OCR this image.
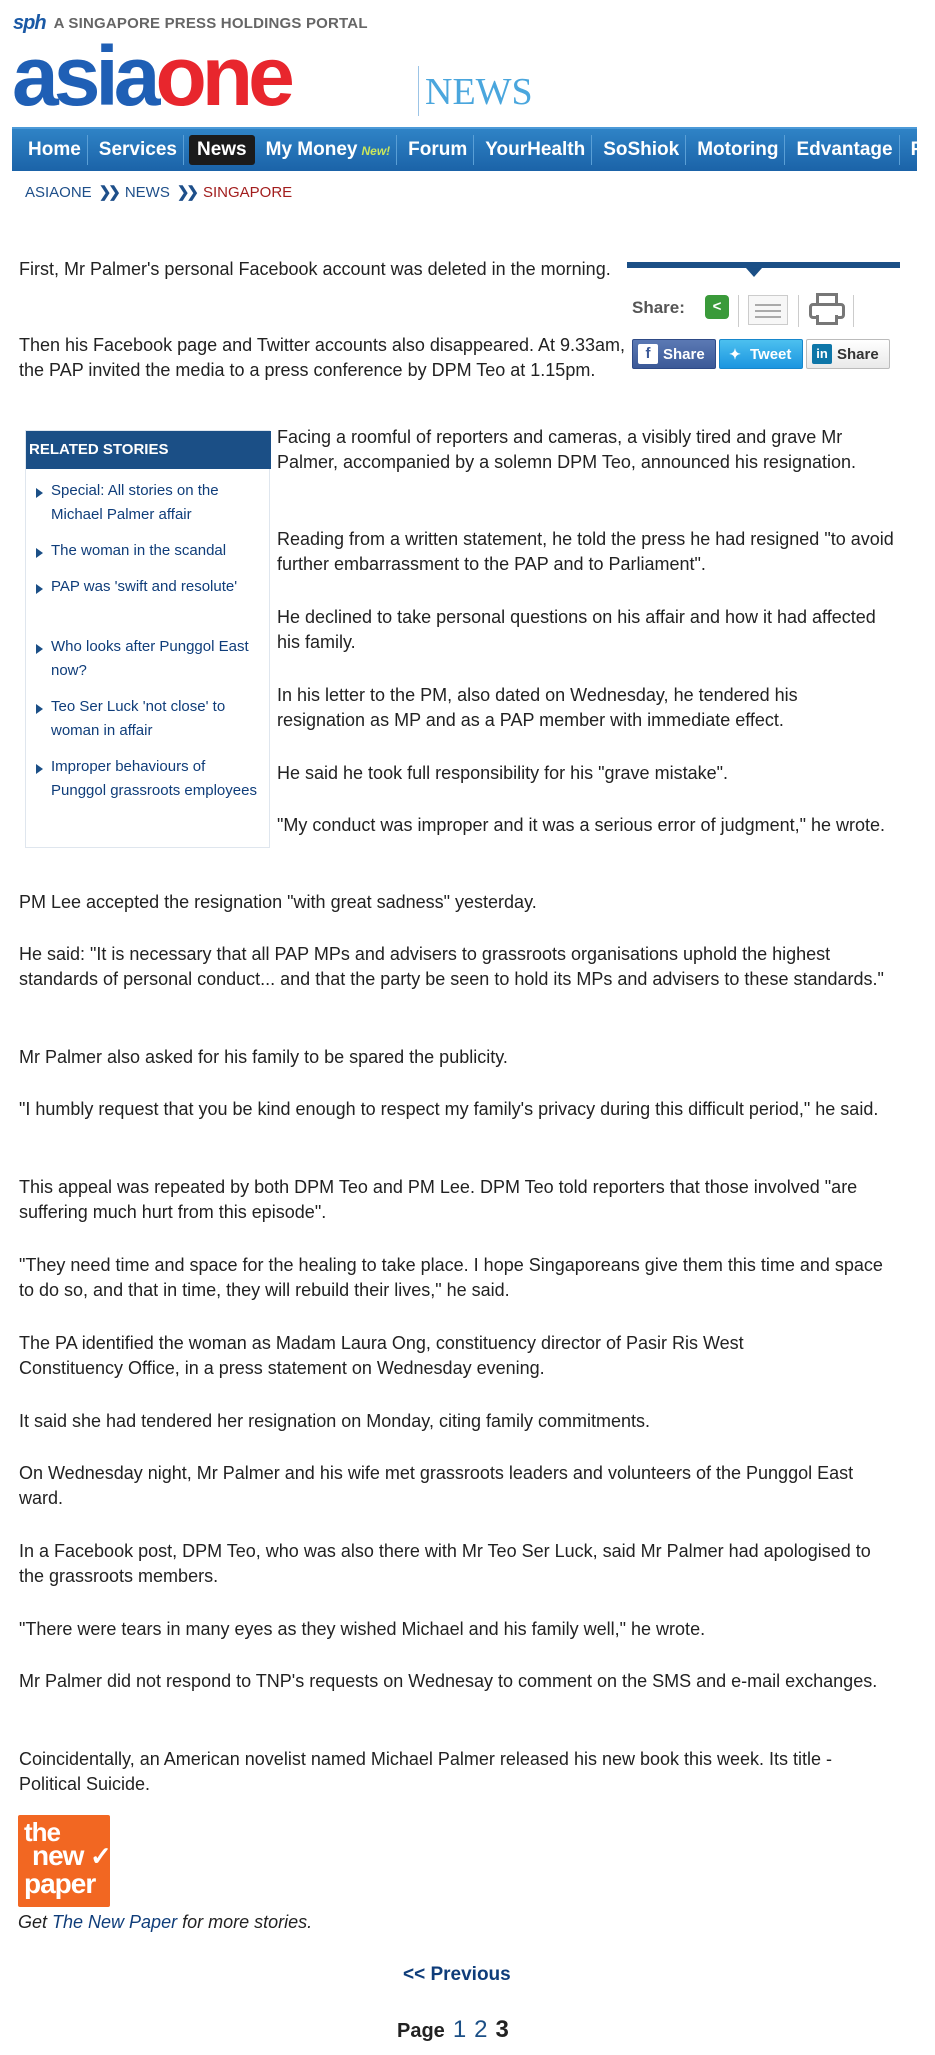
sph A SINGAPORE PRESS HOLDINGS PORTAL
asiaone	NEWS
Home Services News My Money New! Forum YourHealth SoShiok Motoring Edvantage Pl
ASIAONE ❯❯ NEWS ❯❯ SINGAPORE
First, Mr Palmer's personal Facebook account was deleted in the morning.
Then his Facebook page and Twitter accounts also disappeared. At 9.33am, the PAP invited the media to a press conference by DPM Teo at 1.15pm.
Share:	<
f Share ✦ Tweet	in Share
RELATED STORIES
Special: All stories on the Michael Palmer affair
The woman in the scandal
PAP was 'swift and resolute'
Who looks after Punggol East now?
Teo Ser Luck 'not close' to woman in affair
Improper behaviours of Punggol grassroots employees
Facing a roomful of reporters and cameras, a visibly tired and grave Mr Palmer, accompanied by a solemn DPM Teo, announced his resignation.
Reading from a written statement, he told the press he had resigned "to avoid further embarrassment to the PAP and to Parliament".
He declined to take personal questions on his affair and how it had affected his family.
In his letter to the PM, also dated on Wednesday, he tendered his resignation as MP and as a PAP member with immediate effect.
He said he took full responsibility for his "grave mistake".
"My conduct was improper and it was a serious error of judgment," he wrote.
PM Lee accepted the resignation "with great sadness" yesterday.
He said: "It is necessary that all PAP MPs and advisers to grassroots organisations uphold the highest standards of personal conduct... and that the party be seen to hold its MPs and advisers to these standards."
Mr Palmer also asked for his family to be spared the publicity.
"I humbly request that you be kind enough to respect my family's privacy during this difficult period," he said.
This appeal was repeated by both DPM Teo and PM Lee. DPM Teo told reporters that those involved "are suffering much hurt from this episode".
"They need time and space for the healing to take place. I hope Singaporeans give them this time and space to do so, and that in time, they will rebuild their lives," he said.
The PA identified the woman as Madam Laura Ong, constituency director of Pasir Ris West Constituency Office, in a press statement on Wednesday evening.
It said she had tendered her resignation on Monday, citing family commitments.
On Wednesday night, Mr Palmer and his wife met grassroots leaders and volunteers of the Punggol East ward.
In a Facebook post, DPM Teo, who was also there with Mr Teo Ser Luck, said Mr Palmer had apologised to the grassroots members.
"There were tears in many eyes as they wished Michael and his family well," he wrote.
Mr Palmer did not respond to TNP's requests on Wednesay to comment on the SMS and e-mail exchanges.
Coincidentally, an American novelist named Michael Palmer released his new book this week. Its title - Political Suicide.
the
new
paper
✓
Get The New Paper for more stories.
<< Previous
Page 1 2 3
